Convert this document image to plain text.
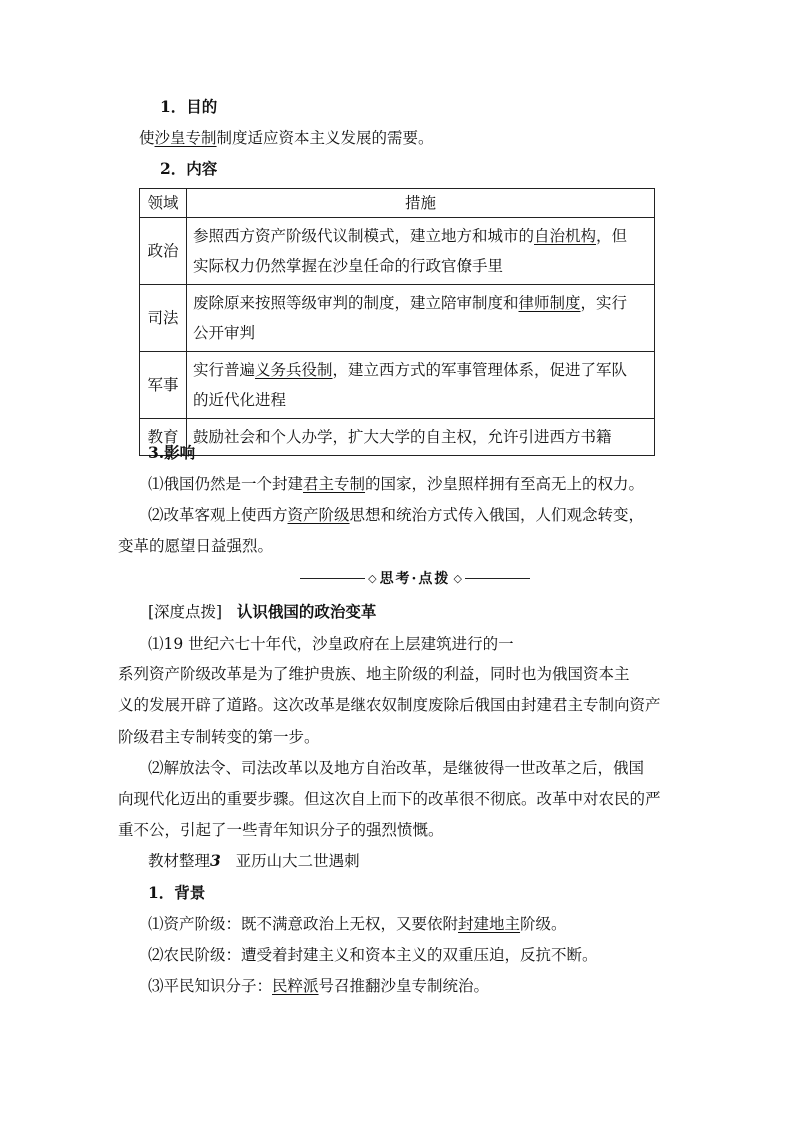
1．目的
使沙皇专制制度适应资本主义发展的需要。
2．内容
领域	措施
政治	参照西方资产阶级代议制模式，建立地方和城市的自治机构，但
实际权力仍然掌握在沙皇任命的行政官僚手里
司法	废除原来按照等级审判的制度，建立陪审制度和律师制度，实行
公开审判
军事	实行普遍义务兵役制，建立西方式的军事管理体系，促进了军队
的近代化进程
教育	鼓励社会和个人办学，扩大大学的自主权，允许引进西方书籍
3.影响
⑴俄国仍然是一个封建君主专制的国家，沙皇照样拥有至高无上的权力。
⑵改革客观上使西方资产阶级思想和统治方式传入俄国，人们观念转变，
变革的愿望日益强烈。
◇ 思考·点拨 ◇
[深度点拨] 认识俄国的政治变革
⑴19 世纪六七十年代，沙皇政府在上层建筑进行的一
系列资产阶级改革是为了维护贵族、地主阶级的利益，同时也为俄国资本主
义的发展开辟了道路。这次改革是继农奴制度废除后俄国由封建君主专制向资产
阶级君主专制转变的第一步。
⑵解放法令、司法改革以及地方自治改革，是继彼得一世改革之后，俄国
向现代化迈出的重要步骤。但这次自上而下的改革很不彻底。改革中对农民的严
重不公，引起了一些青年知识分子的强烈愤慨。
教材整理3 亚历山大二世遇刺
1．背景
⑴资产阶级：既不满意政治上无权，又要依附封建地主阶级。
⑵农民阶级：遭受着封建主义和资本主义的双重压迫，反抗不断。
⑶平民知识分子：民粹派号召推翻沙皇专制统治。
